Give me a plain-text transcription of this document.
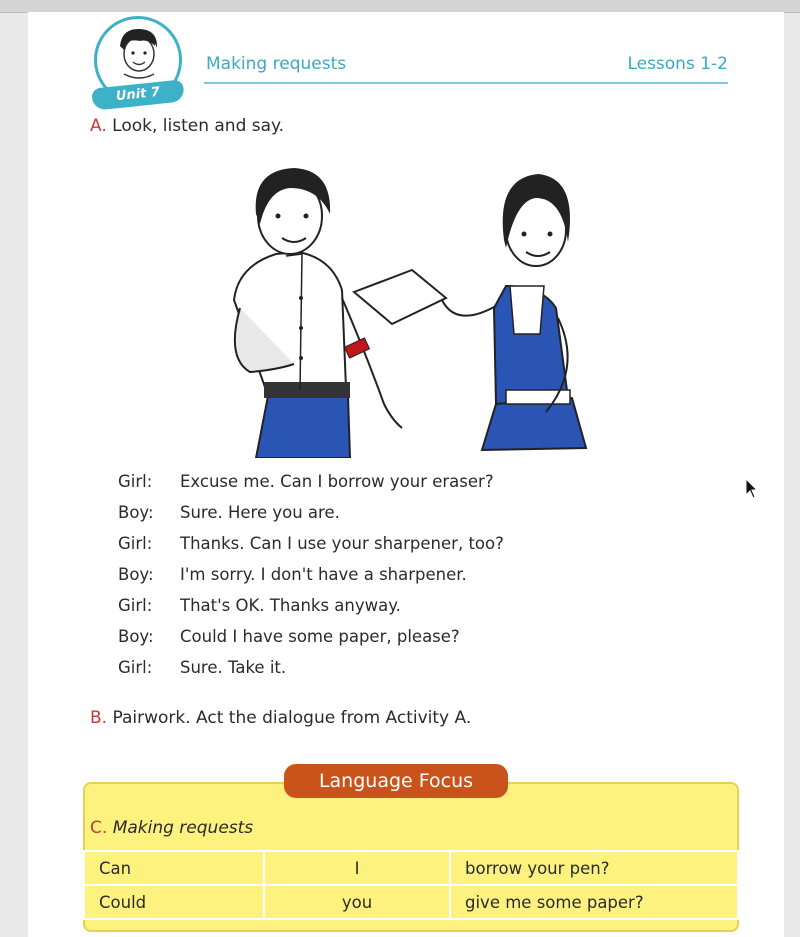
Unit 7
Making requests	Lessons 1-2
A. Look, listen and say.
Girl:	Excuse me. Can I borrow your eraser?
Boy:	Sure. Here you are.
Girl:	Thanks. Can I use your sharpener, too?
Boy:	I'm sorry. I don't have a sharpener.
Girl:	That's OK. Thanks anyway.
Boy:	Could I have some paper, please?
Girl:	Sure. Take it.
B. Pairwork. Act the dialogue from Activity A.
Language Focus
C. Making requests
Can	I	borrow your pen?
Could	you	give me some paper?
